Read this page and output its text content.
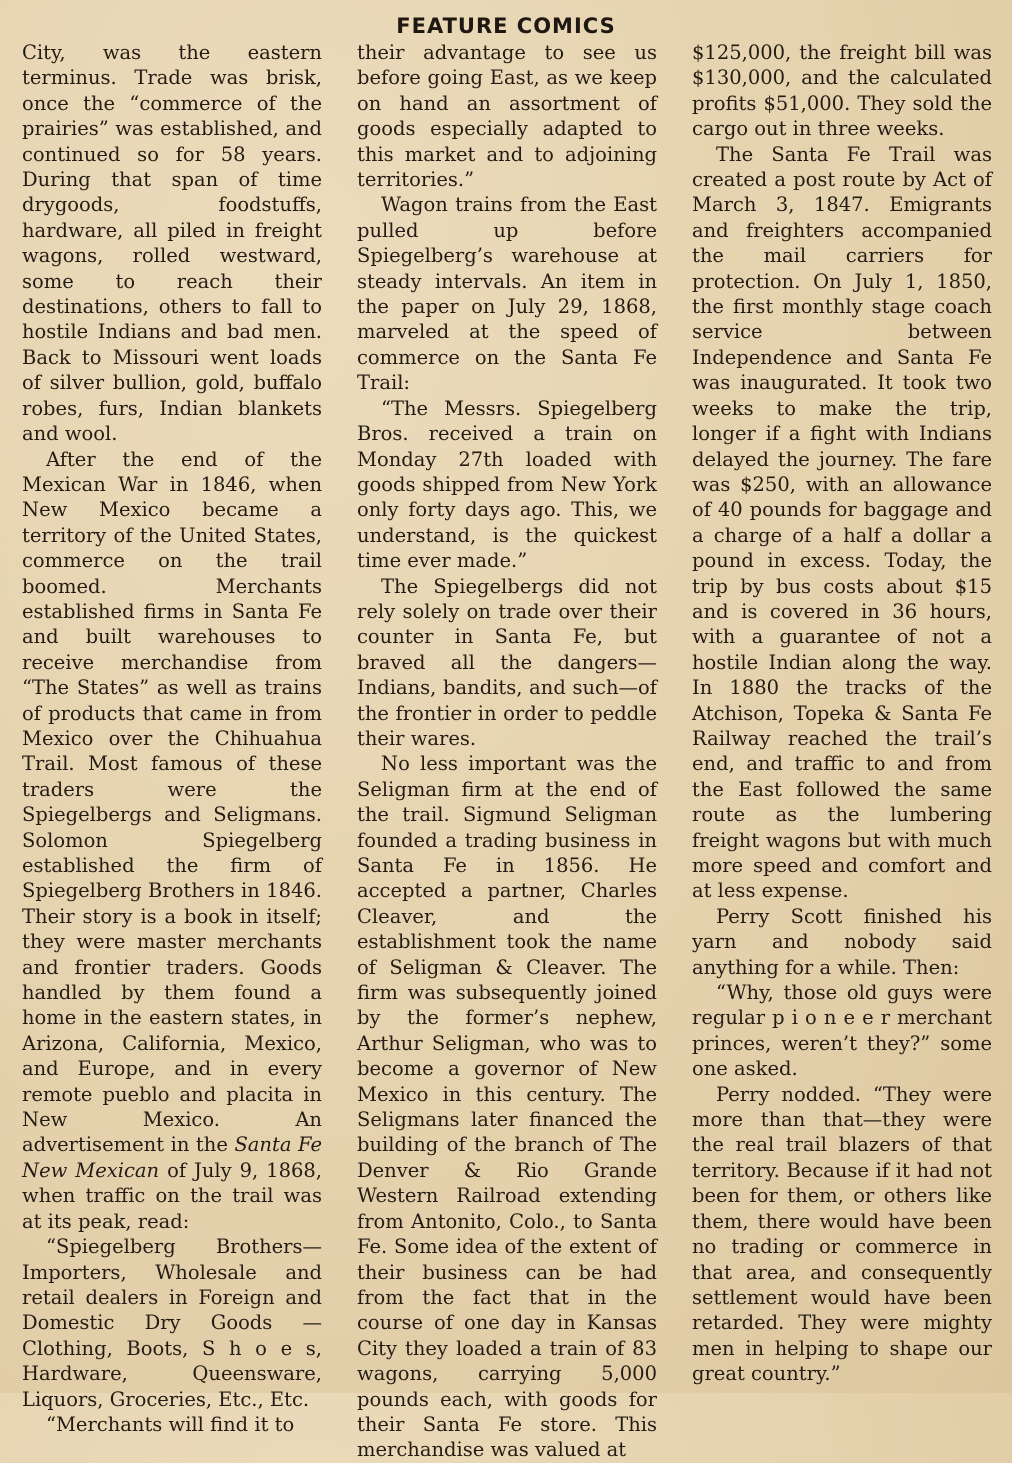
FEATURE COMICS

City, was the eastern terminus. Trade was brisk, once the “commerce of the prairies” was established, and continued so for 58 years. During that span of time drygoods, foodstuffs, hardware, all piled in freight wagons, rolled westward, some to reach their destinations, others to fall to hostile Indians and bad men. Back to Missouri went loads of silver bullion, gold, buffalo robes, furs, Indian blankets and wool.

After the end of the Mexican War in 1846, when New Mexico became a territory of the United States, commerce on the trail boomed. Merchants established firms in Santa Fe and built warehouses to receive merchandise from “The States” as well as trains of products that came in from Mexico over the Chihuahua Trail. Most famous of these traders were the Spiegelbergs and Seligmans. Solomon Spiegelberg established the firm of Spiegelberg Brothers in 1846. Their story is a book in itself; they were master merchants and frontier traders. Goods handled by them found a home in the eastern states, in Arizona, California, Mexico, and Europe, and in every remote pueblo and placita in New Mexico. An advertisement in the Santa Fe New Mexican of July 9, 1868, when traffic on the trail was at its peak, read:

“Spiegelberg Brothers—Importers, Wholesale and retail dealers in Foreign and Domestic Dry Goods — Clothing, Boots, S h o e s, Hardware, Queensware, Liquors, Groceries, Etc., Etc.

“Merchants will find it to

their advantage to see us before going East, as we keep on hand an assortment of goods especially adapted to this market and to adjoining territories.”

Wagon trains from the East pulled up before Spiegelberg’s warehouse at steady intervals. An item in the paper on July 29, 1868, marveled at the speed of commerce on the Santa Fe Trail:

“The Messrs. Spiegelberg Bros. received a train on Monday 27th loaded with goods shipped from New York only forty days ago. This, we understand, is the quickest time ever made.”

The Spiegelbergs did not rely solely on trade over their counter in Santa Fe, but braved all the dangers—Indians, bandits, and such—of the frontier in order to peddle their wares.

No less important was the Seligman firm at the end of the trail. Sigmund Seligman founded a trading business in Santa Fe in 1856. He accepted a partner, Charles Cleaver, and the establishment took the name of Seligman & Cleaver. The firm was subsequently joined by the former’s nephew, Arthur Seligman, who was to become a governor of New Mexico in this century. The Seligmans later financed the building of the branch of The Denver & Rio Grande Western Railroad extending from Antonito, Colo., to Santa Fe. Some idea of the extent of their business can be had from the fact that in the course of one day in Kansas City they loaded a train of 83 wagons, carrying 5,000 pounds each, with goods for their Santa Fe store. This merchandise was valued at

$125,000, the freight bill was $130,000, and the calculated profits $51,000. They sold the cargo out in three weeks.

The Santa Fe Trail was created a post route by Act of March 3, 1847. Emigrants and freighters accompanied the mail carriers for protection. On July 1, 1850, the first monthly stage coach service between Independence and Santa Fe was inaugurated. It took two weeks to make the trip, longer if a fight with Indians delayed the journey. The fare was $250, with an allowance of 40 pounds for baggage and a charge of a half a dollar a pound in excess. Today, the trip by bus costs about $15 and is covered in 36 hours, with a guarantee of not a hostile Indian along the way. In 1880 the tracks of the Atchison, Topeka & Santa Fe Railway reached the trail’s end, and traffic to and from the East followed the same route as the lumbering freight wagons but with much more speed and comfort and at less expense.

Perry Scott finished his yarn and nobody said anything for a while. Then:

“Why, those old guys were regular p i o n e e r merchant princes, weren’t they?” some one asked.

Perry nodded. “They were more than that—they were the real trail blazers of that territory. Because if it had not been for them, or others like them, there would have been no trading or commerce in that area, and consequently settlement would have been retarded. They were mighty men in helping to shape our great country.”
